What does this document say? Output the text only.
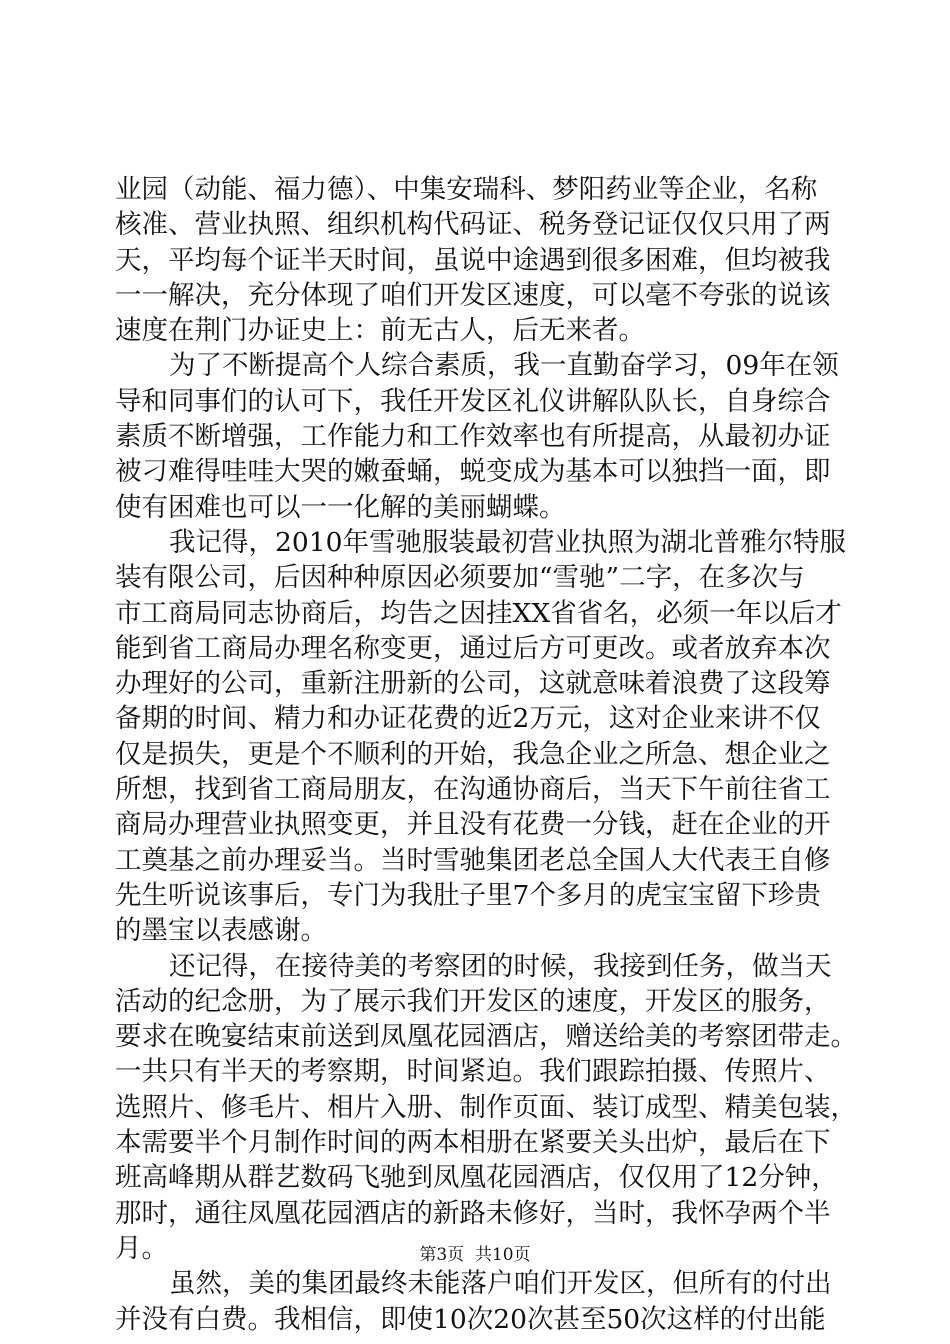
业园（动能、福力德）、中集安瑞科、梦阳药业等企业，名称
核准、营业执照、组织机构代码证、税务登记证仅仅只用了两
天，平均每个证半天时间，虽说中途遇到很多困难，但均被我
一一解决，充分体现了咱们开发区速度，可以毫不夸张的说该
速度在荆门办证史上：前无古人，后无来者。
为了不断提高个人综合素质，我一直勤奋学习，09年在领
导和同事们的认可下，我任开发区礼仪讲解队队长，自身综合
素质不断增强，工作能力和工作效率也有所提高，从最初办证
被刁难得哇哇大哭的嫩蚕蛹，蜕变成为基本可以独挡一面，即
使有困难也可以一一化解的美丽蝴蝶。
我记得，2010年雪驰服装最初营业执照为湖北普雅尔特服
装有限公司，后因种种原因必须要加“雪驰”二字，在多次与
市工商局同志协商后，均告之因挂XX省省名，必须一年以后才
能到省工商局办理名称变更，通过后方可更改。或者放弃本次
办理好的公司，重新注册新的公司，这就意味着浪费了这段筹
备期的时间、精力和办证花费的近2万元，这对企业来讲不仅
仅是损失，更是个不顺利的开始，我急企业之所急、想企业之
所想，找到省工商局朋友，在沟通协商后，当天下午前往省工
商局办理营业执照变更，并且没有花费一分钱，赶在企业的开
工奠基之前办理妥当。当时雪驰集团老总全国人大代表王自修
先生听说该事后，专门为我肚子里7个多月的虎宝宝留下珍贵
的墨宝以表感谢。
还记得，在接待美的考察团的时候，我接到任务，做当天
活动的纪念册，为了展示我们开发区的速度，开发区的服务，
要求在晚宴结束前送到凤凰花园酒店，赠送给美的考察团带走。
一共只有半天的考察期，时间紧迫。我们跟踪拍摄、传照片、
选照片、修毛片、相片入册、制作页面、装订成型、精美包装，
本需要半个月制作时间的两本相册在紧要关头出炉，最后在下
班高峰期从群艺数码飞驰到凤凰花园酒店，仅仅用了12分钟，
那时，通往凤凰花园酒店的新路未修好，当时，我怀孕两个半
月。
虽然，美的集团最终未能落户咱们开发区，但所有的付出
并没有白费。我相信，即使10次20次甚至50次这样的付出能
第3页  共10页
